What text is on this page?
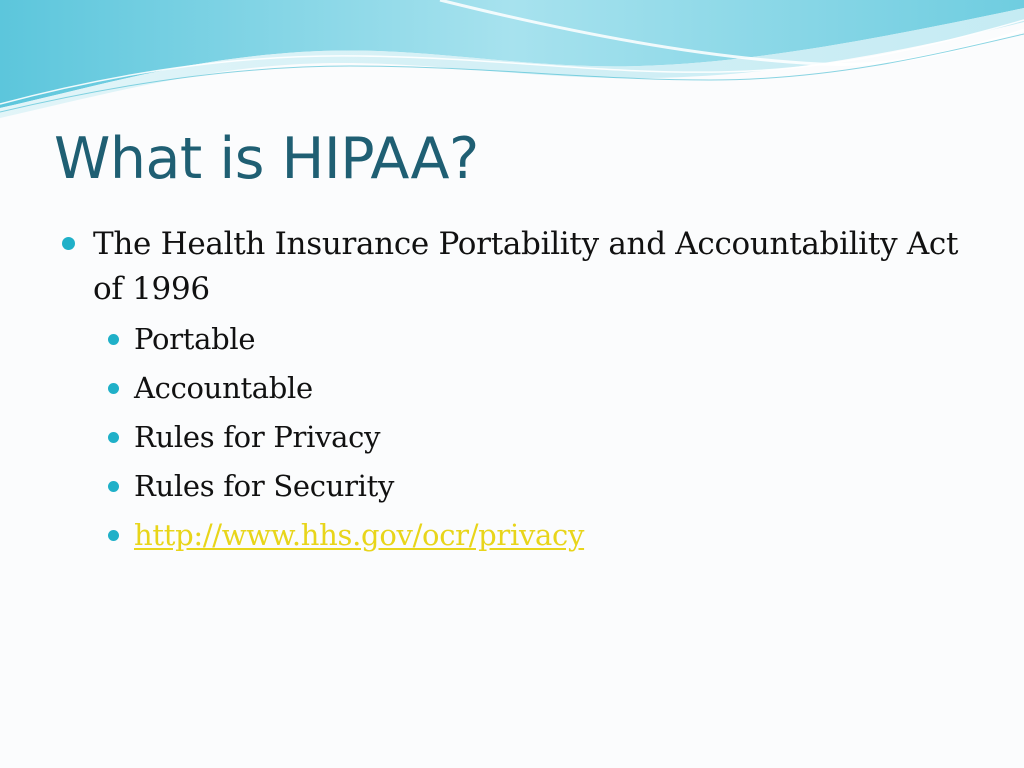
What is HIPAA?
The Health Insurance Portability and Accountability Act of 1996
Portable
Accountable
Rules for Privacy
Rules for Security
http://www.hhs.gov/ocr/privacy
